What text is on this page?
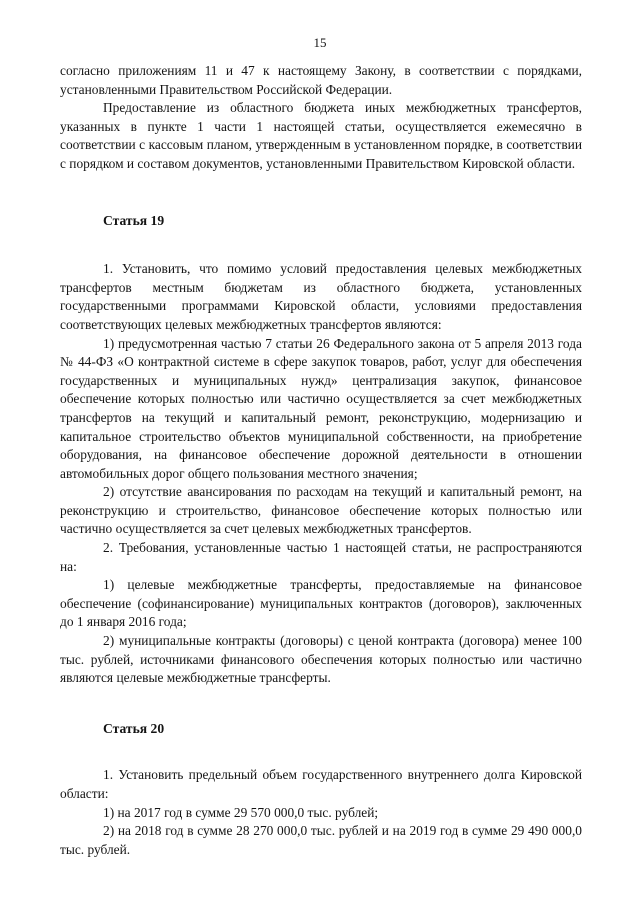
15

согласно приложениям 11 и 47 к настоящему Закону, в соответствии с порядками, установленными Правительством Российской Федерации.

Предоставление из областного бюджета иных межбюджетных трансфертов, указанных в пункте 1 части 1 настоящей статьи, осуществляется ежемесячно в соответствии с кассовым планом, утвержденным в установленном порядке, в соответствии с порядком и составом документов, установленными Правительством Кировской области.

Статья 19

1. Установить, что помимо условий предоставления целевых межбюджетных трансфертов местным бюджетам из областного бюджета, установленных государственными программами Кировской области, условиями предоставления соответствующих целевых межбюджетных трансфертов являются:

1) предусмотренная частью 7 статьи 26 Федерального закона от 5 апреля 2013 года № 44-ФЗ «О контрактной системе в сфере закупок товаров, работ, услуг для обеспечения государственных и муниципальных нужд» централизация закупок, финансовое обеспечение которых полностью или частично осуществляется за счет межбюджетных трансфертов на текущий и капитальный ремонт, реконструкцию, модернизацию и капитальное строительство объектов муниципальной собственности, на приобретение оборудования, на финансовое обеспечение дорожной деятельности в отношении автомобильных дорог общего пользования местного значения;

2) отсутствие авансирования по расходам на текущий и капитальный ремонт, на реконструкцию и строительство, финансовое обеспечение которых полностью или частично осуществляется за счет целевых межбюджетных трансфертов.

2. Требования, установленные частью 1 настоящей статьи, не распространяются на:

1) целевые межбюджетные трансферты, предоставляемые на финансовое обеспечение (софинансирование) муниципальных контрактов (договоров), заключенных до 1 января 2016 года;

2) муниципальные контракты (договоры) с ценой контракта (договора) менее 100 тыс. рублей, источниками финансового обеспечения которых полностью или частично являются целевые межбюджетные трансферты.

Статья 20

1. Установить предельный объем государственного внутреннего долга Кировской области:

1) на 2017 год в сумме 29 570 000,0 тыс. рублей;

2) на 2018 год в сумме 28 270 000,0 тыс. рублей и на 2019 год в сумме 29 490 000,0 тыс. рублей.
